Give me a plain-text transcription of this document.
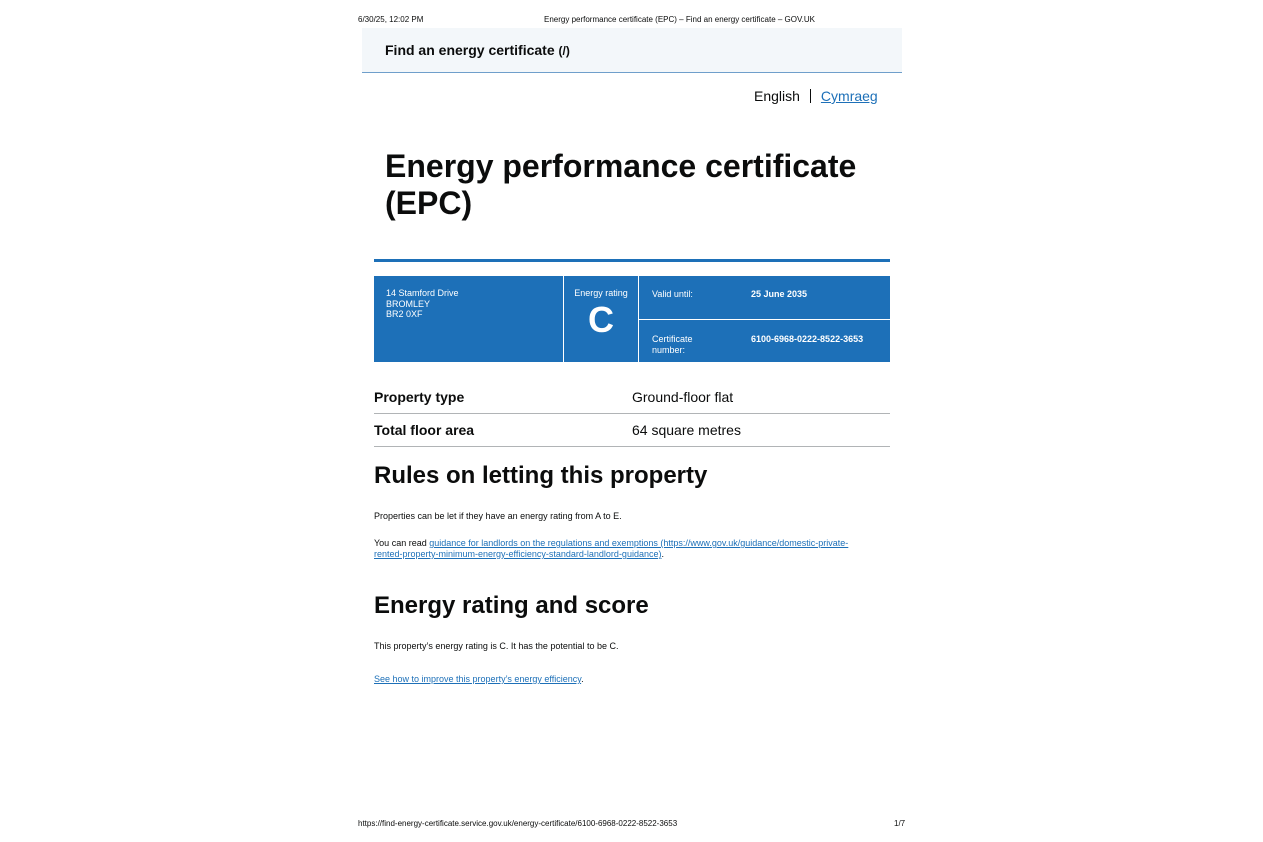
6/30/25, 12:02 PM	Energy performance certificate (EPC) – Find an energy certificate – GOV.UK
Find an energy certificate (/)
English Cymraeg
Energy performance certificate (EPC)
14 Stamford Drive
BROMLEY
BR2 0XF
Energy rating
C
Valid until:	25 June 2035
Certificate number:
6100-6968-0222-8522-3653
Property type	Ground-floor flat
Total floor area	64 square metres
Rules on letting this property

Properties can be let if they have an energy rating from A to E.

You can read guidance for landlords on the regulations and exemptions (https://www.gov.uk/guidance/domestic-private-
rented-property-minimum-energy-efficiency-standard-landlord-guidance).

Energy rating and score

This property’s energy rating is C. It has the potential to be C.

See how to improve this property’s energy efficiency.

https://find-energy-certificate.service.gov.uk/energy-certificate/6100-6968-0222-8522-3653	1/7
